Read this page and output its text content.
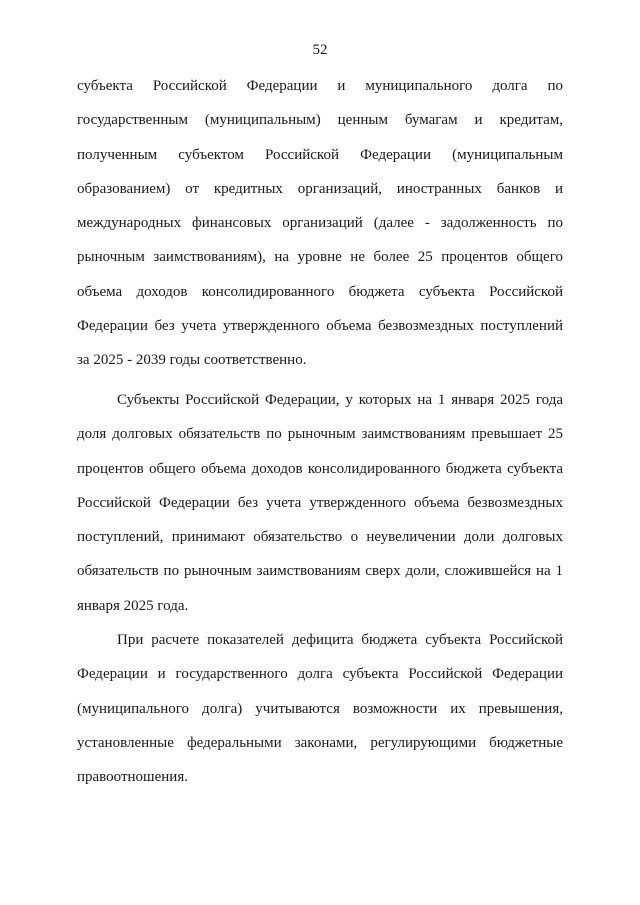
52
субъекта Российской Федерации и муниципального долга по
государственным (муниципальным) ценным бумагам и кредитам,
полученным субъектом Российской Федерации (муниципальным
образованием) от кредитных организаций, иностранных банков и
международных финансовых организаций (далее - задолженность по
рыночным заимствованиям), на уровне не более 25 процентов общего
объема доходов консолидированного бюджета субъекта Российской
Федерации без учета утвержденного объема безвозмездных поступлений
за 2025 - 2039 годы соответственно.
Субъекты Российской Федерации, у которых на 1 января 2025 года
доля долговых обязательств по рыночным заимствованиям превышает 25
процентов общего объема доходов консолидированного бюджета субъекта
Российской Федерации без учета утвержденного объема безвозмездных
поступлений, принимают обязательство о неувеличении доли долговых
обязательств по рыночным заимствованиям сверх доли, сложившейся на 1
января 2025 года.
При расчете показателей дефицита бюджета субъекта Российской
Федерации и государственного долга субъекта Российской Федерации
(муниципального долга) учитываются возможности их превышения,
установленные федеральными законами, регулирующими бюджетные
правоотношения.
